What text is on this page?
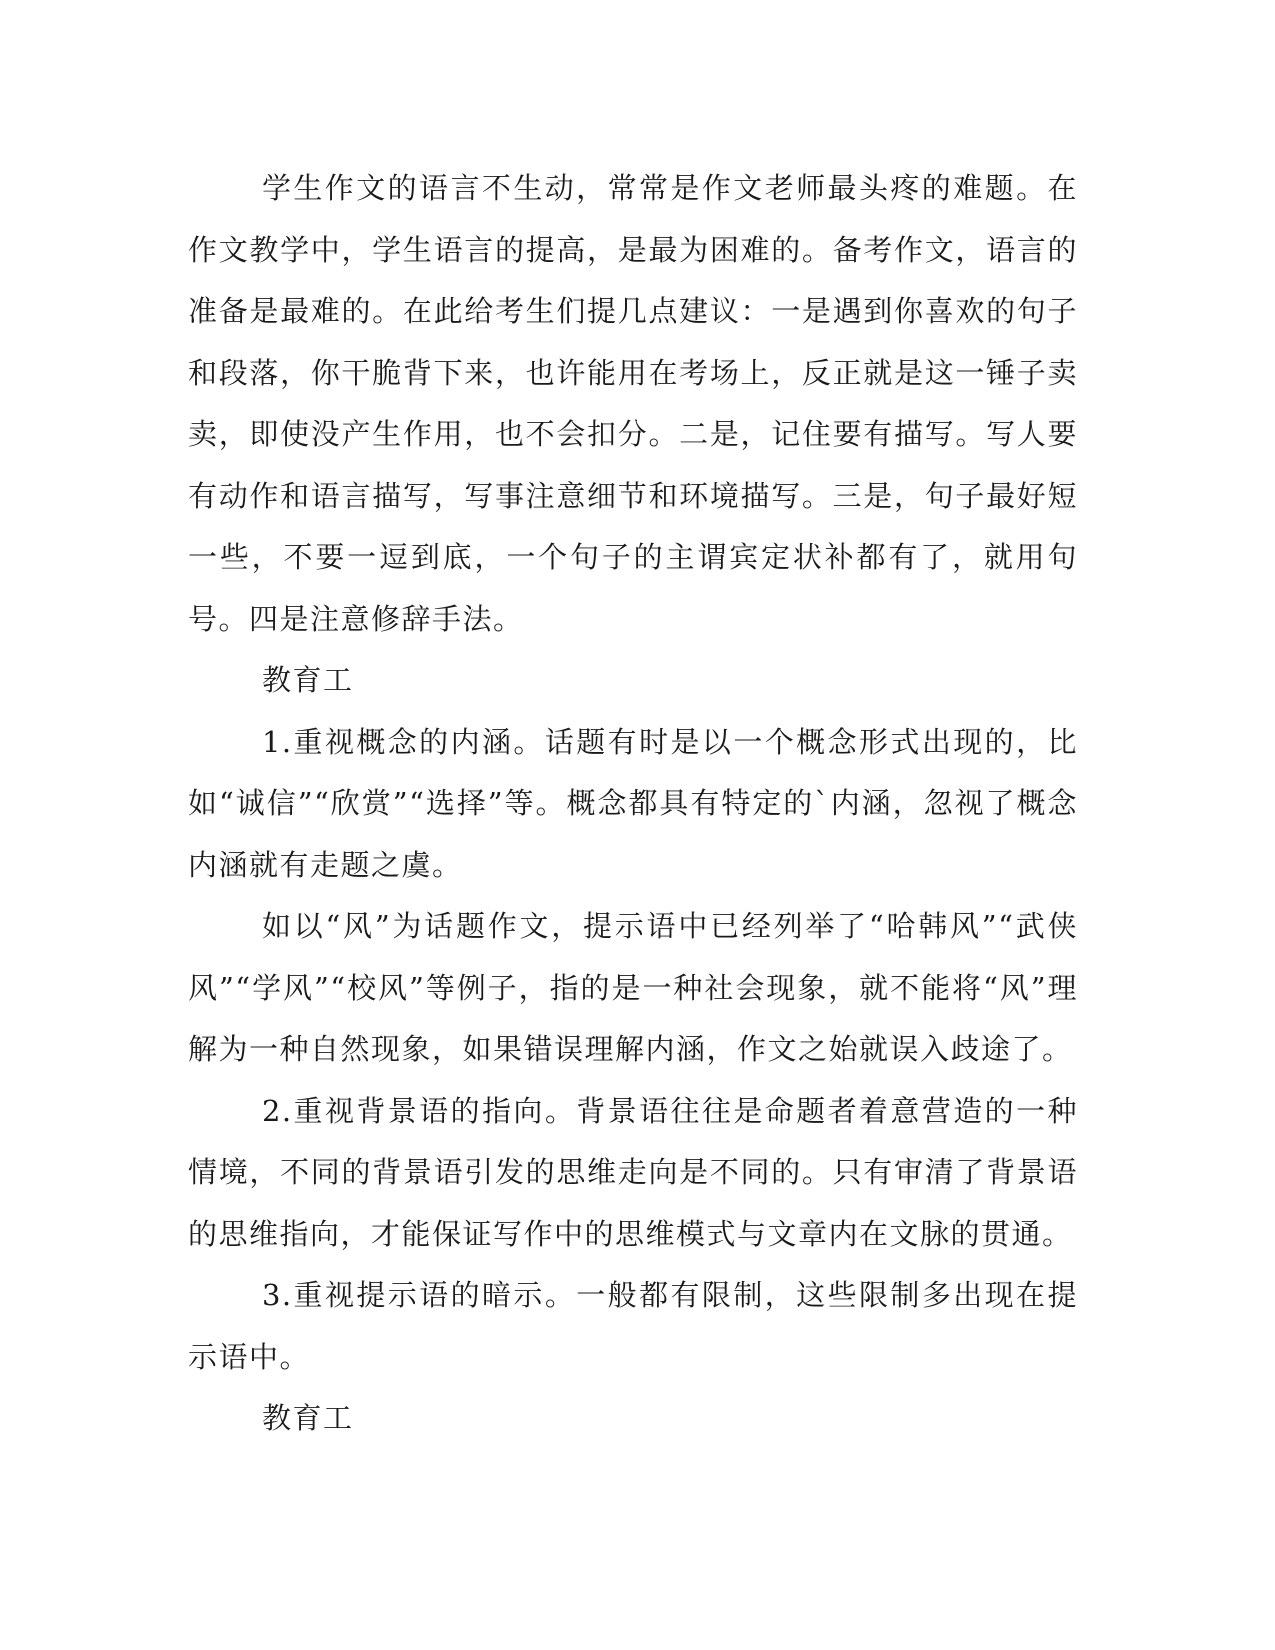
学生作文的语言不生动，常常是作文老师最头疼的难题。在作文教学中，学生语言的提高，是最为困难的。备考作文，语言的准备是最难的。在此给考生们提几点建议：一是遇到你喜欢的句子和段落，你干脆背下来，也许能用在考场上，反正就是这一锤子卖卖，即使没产生作用，也不会扣分。二是，记住要有描写。写人要有动作和语言描写，写事注意细节和环境描写。三是，句子最好短一些，不要一逗到底，一个句子的主谓宾定状补都有了，就用句号。四是注意修辞手法。

教育工

1.重视概念的内涵。话题有时是以一个概念形式出现的，比如“诚信”“欣赏”“选择”等。概念都具有特定的`内涵，忽视了概念内涵就有走题之虞。

如以“风”为话题作文，提示语中已经列举了“哈韩风”“武侠风”“学风”“校风”等例子，指的是一种社会现象，就不能将“风”理解为一种自然现象，如果错误理解内涵，作文之始就误入歧途了。

2.重视背景语的指向。背景语往往是命题者着意营造的一种情境，不同的背景语引发的思维走向是不同的。只有审清了背景语的思维指向，才能保证写作中的思维模式与文章内在文脉的贯通。

3.重视提示语的暗示。一般都有限制，这些限制多出现在提示语中。

教育工
